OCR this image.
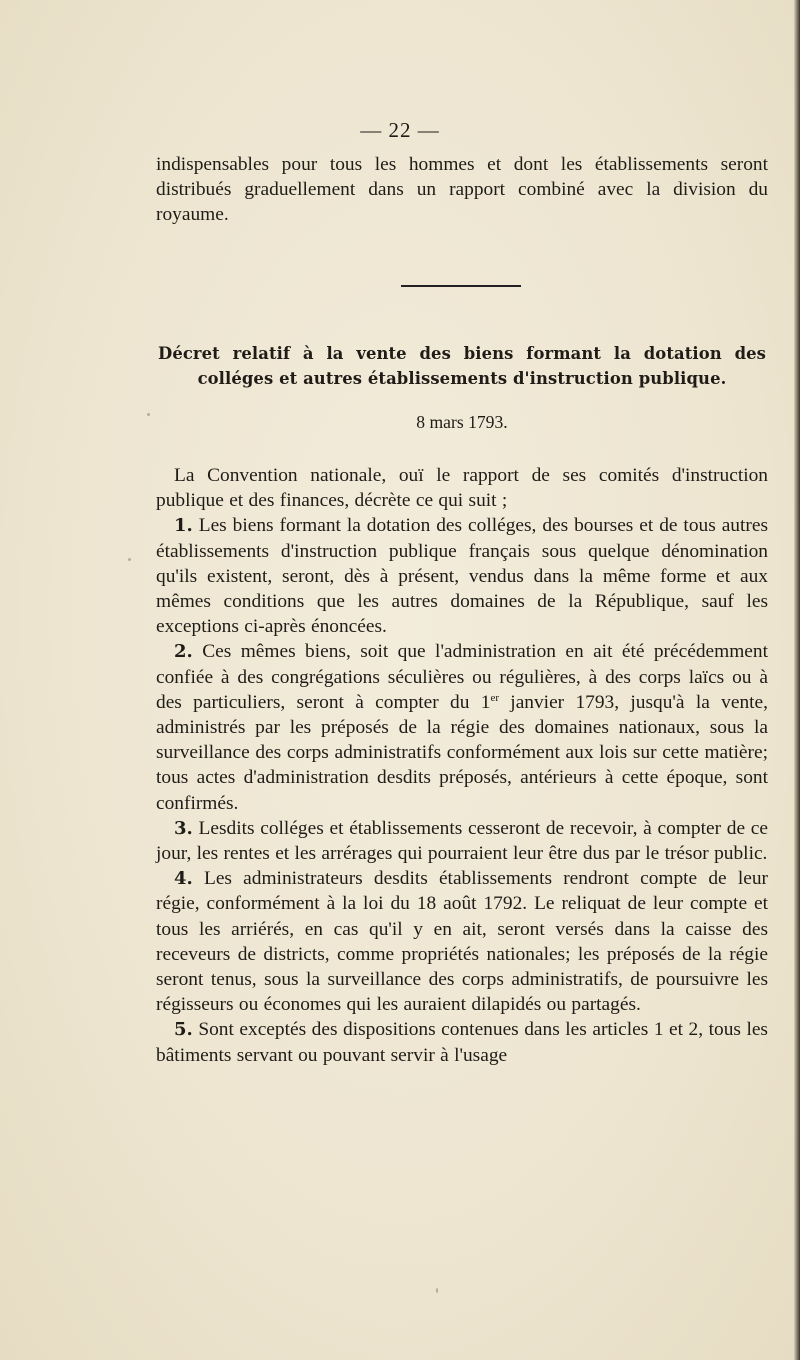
— 22 —

indispensables pour tous les hommes et dont les établissements seront distribués graduellement dans un rapport combiné avec la division du royaume.

Décret relatif à la vente des biens formant la dotation des colléges et autres établissements d'instruction publique.
8 mars 1793.

La Convention nationale, ouï le rapport de ses comités d'instruction publique et des finances, décrète ce qui suit ;

1. Les biens formant la dotation des colléges, des bourses et de tous autres établissements d'instruction publique français sous quelque dénomination qu'ils existent, seront, dès à présent, vendus dans la même forme et aux mêmes conditions que les autres domaines de la République, sauf les exceptions ci-après énoncées.

2. Ces mêmes biens, soit que l'administration en ait été précédemment confiée à des congrégations séculières ou régulières, à des corps laïcs ou à des particuliers, seront à compter du 1er janvier 1793, jusqu'à la vente, administrés par les préposés de la régie des domaines nationaux, sous la surveillance des corps administratifs conformément aux lois sur cette matière; tous actes d'administration desdits préposés, antérieurs à cette époque, sont confirmés.

3. Lesdits colléges et établissements cesseront de recevoir, à compter de ce jour, les rentes et les arrérages qui pourraient leur être dus par le trésor public.

4. Les administrateurs desdits établissements rendront compte de leur régie, conformément à la loi du 18 août 1792. Le reliquat de leur compte et tous les arriérés, en cas qu'il y en ait, seront versés dans la caisse des receveurs de districts, comme propriétés nationales; les préposés de la régie seront tenus, sous la surveillance des corps administratifs, de poursuivre les régisseurs ou économes qui les auraient dilapidés ou partagés.

5. Sont exceptés des dispositions contenues dans les articles 1 et 2, tous les bâtiments servant ou pouvant servir à l'usage
